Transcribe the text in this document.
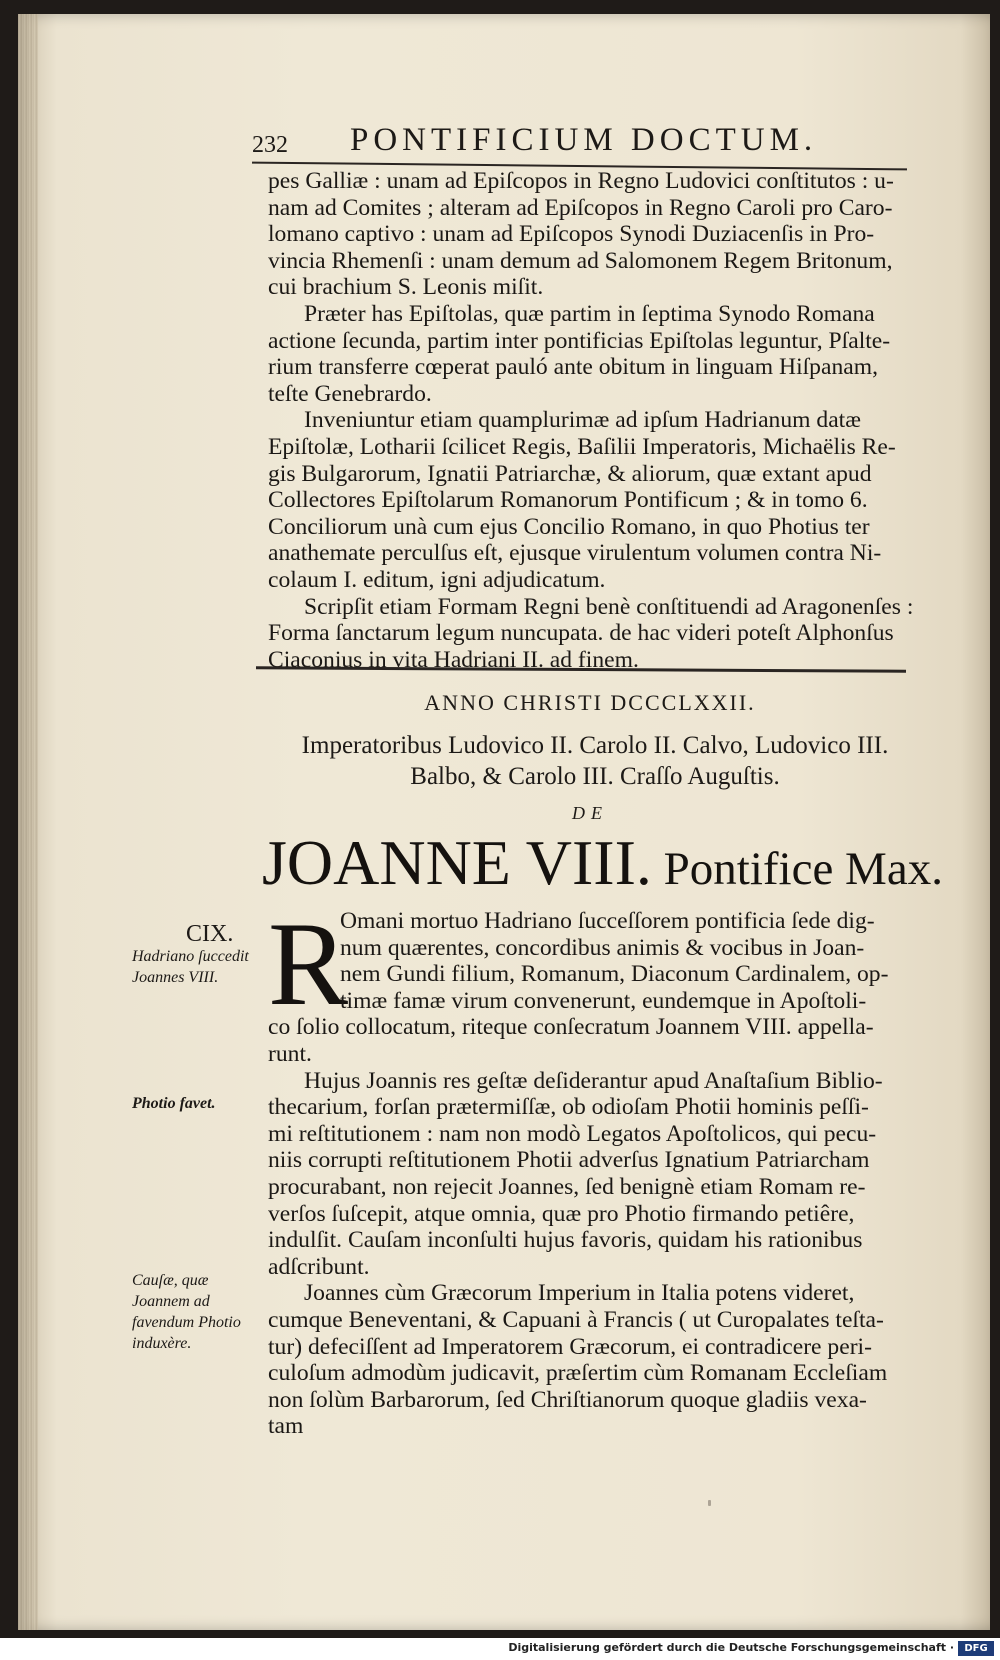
232 PONTIFICIUM DOCTUM.
pes Galliæ : unam ad Epiſcopos in Regno Ludovici conſtitutos : u-
nam ad Comites ; alteram ad Epiſcopos in Regno Caroli pro Caro-
lomano captivo : unam ad Epiſcopos Synodi Duziacenſis in Pro-
vincia Rhemenſi : unam demum ad Salomonem Regem Britonum,
cui brachium S. Leonis miſit.
Præter has Epiſtolas, quæ partim in ſeptima Synodo Romana
actione ſecunda, partim inter pontificias Epiſtolas leguntur, Pſalte-
rium transferre cœperat pauló ante obitum in linguam Hiſpanam,
teſte Genebrardo.
Inveniuntur etiam quamplurimæ ad ipſum Hadrianum datæ
Epiſtolæ, Lotharii ſcilicet Regis, Baſilii Imperatoris, Michaëlis Re-
gis Bulgarorum, Ignatii Patriarchæ, & aliorum, quæ extant apud
Collectores Epiſtolarum Romanorum Pontificum ; & in tomo 6.
Conciliorum unà cum ejus Concilio Romano, in quo Photius ter
anathemate perculſus eſt, ejusque virulentum volumen contra Ni-
colaum I. editum, igni adjudicatum.
Scripſit etiam Formam Regni benè conſtituendi ad Aragonenſes :
Forma ſanctarum legum nuncupata. de hac videri poteſt Alphonſus
Ciaconius in vita Hadriani II. ad finem.
ANNO CHRISTI DCCCLXXII.
Imperatoribus Ludovico II. Carolo II. Calvo, Ludovico III.
Balbo, & Carolo III. Craſſo Auguſtis.
DE
JOANNE VIII. Pontifice Max.
CIX.
Hadriano ſuccedit Joannes VIII.
Photio favet.
Cauſæ, quæ Joannem ad favendum Photio induxère.
R
Omani mortuo Hadriano ſucceſſorem pontificia ſede dig-
num quærentes, concordibus animis & vocibus in Joan-
nem Gundi filium, Romanum, Diaconum Cardinalem, op-
timæ famæ virum convenerunt, eundemque in Apoſtoli-
co ſolio collocatum, riteque conſecratum Joannem VIII. appella-
runt.
Hujus Joannis res geſtæ deſiderantur apud Anaſtaſium Biblio-
thecarium, forſan prætermiſſæ, ob odioſam Photii hominis peſſi-
mi reſtitutionem : nam non modò Legatos Apoſtolicos, qui pecu-
niis corrupti reſtitutionem Photii adverſus Ignatium Patriarcham
procurabant, non rejecit Joannes, ſed benignè etiam Romam re-
verſos ſuſcepit, atque omnia, quæ pro Photio firmando petiêre,
indulſit. Cauſam inconſulti hujus favoris, quidam his rationibus
adſcribunt.
Joannes cùm Græcorum Imperium in Italia potens videret,
cumque Beneventani, & Capuani à Francis ( ut Curopalates teſta-
tur) defeciſſent ad Imperatorem Græcorum, ei contradicere peri-
culoſum admodùm judicavit, præſertim cùm Romanam Eccleſiam
non ſolùm Barbarorum, ſed Chriſtianorum quoque gladiis vexa-
tam
Digitalisierung gefördert durch die Deutsche Forschungsgemeinschaft ·	DFG
